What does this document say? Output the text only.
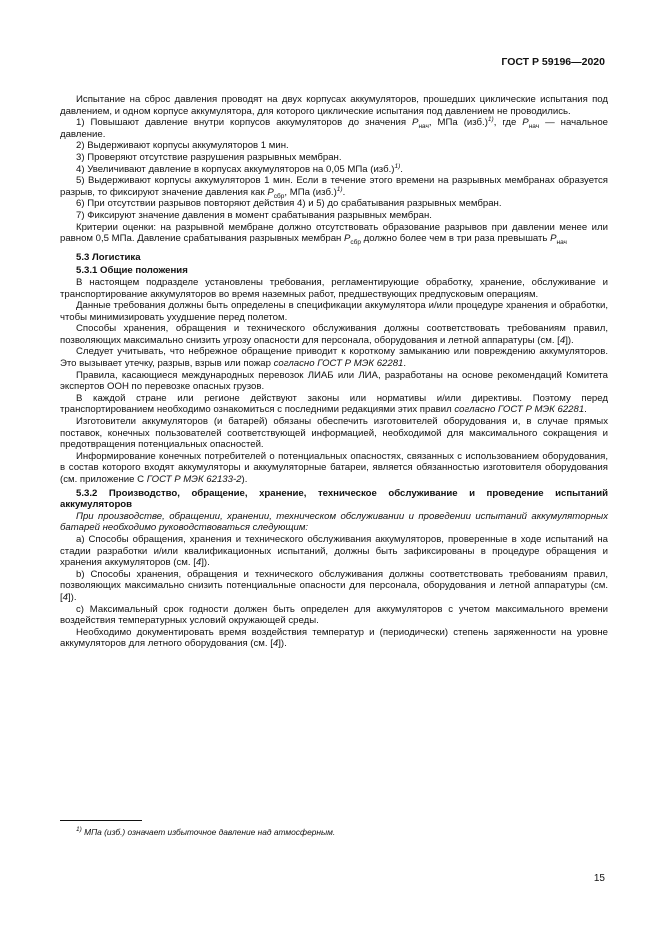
ГОСТ Р 59196—2020

Испытание на сброс давления проводят на двух корпусах аккумуляторов, прошедших циклические испытания под давлением, и одном корпусе аккумулятора, для которого циклические испытания под давлением не проводились.

1) Повышают давление внутри корпусов аккумуляторов до значения $P_{нач}$, МПа $(изб.)^{1)}$, где $P_{нач}$ — начальное давление.

2) Выдерживают корпусы аккумуляторов 1 мин.

3) Проверяют отсутствие разрушения разрывных мембран.

4) Увеличивают давление в корпусах аккумуляторов на 0,05 МПа $(изб.)^{1)}$.

5) Выдерживают корпусы аккумуляторов 1 мин. Если в течение этого времени на разрывных мембранах образуется разрыв, то фиксируют значение давления как $P_{сбр}$, МПа $(изб.)^{1)}$.

6) При отсутствии разрывов повторяют действия 4) и 5) до срабатывания разрывных мембран.

7) Фиксируют значение давления в момент срабатывания разрывных мембран.

Критерии оценки: на разрывной мембране должно отсутствовать образование разрывов при давлении менее или равном 0,5 МПа. Давление срабатывания разрывных мембран $P_{сбр}$ должно более чем в три раза превышать $P_{нач}$

5.3 Логистика
5.3.1 Общие положения

В настоящем подразделе установлены требования, регламентирующие обработку, хранение, обслуживание и транспортирование аккумуляторов во время наземных работ, предшествующих предпусковым операциям.

Данные требования должны быть определены в спецификации аккумулятора и/или процедуре хранения и обработки, чтобы минимизировать ухудшение перед полетом.

Способы хранения, обращения и технического обслуживания должны соответствовать требованиям правил, позволяющих максимально снизить угрозу опасности для персонала, оборудования и летной аппаратуры (см. [4]).

Следует учитывать, что небрежное обращение приводит к короткому замыканию или повреждению аккумуляторов. Это вызывает утечку, разрыв, взрыв или пожар согласно ГОСТ Р МЭК 62281.

Правила, касающиеся международных перевозок ЛИАБ или ЛИА, разработаны на основе рекомендаций Комитета экспертов ООН по перевозке опасных грузов.

В каждой стране или регионе действуют законы или нормативы и/или директивы. Поэтому перед транспортированием необходимо ознакомиться с последними редакциями этих правил согласно ГОСТ Р МЭК 62281.

Изготовители аккумуляторов (и батарей) обязаны обеспечить изготовителей оборудования и, в случае прямых поставок, конечных пользователей соответствующей информацией, необходимой для максимального сокращения и предотвращения потенциальных опасностей.

Информирование конечных потребителей о потенциальных опасностях, связанных с использованием оборудования, в состав которого входят аккумуляторы и аккумуляторные батареи, является обязанностью изготовителя оборудования (см. приложение С ГОСТ Р МЭК 62133-2).

5.3.2 Производство, обращение, хранение, техническое обслуживание и проведение испытаний аккумуляторов

При производстве, обращении, хранении, техническом обслуживании и проведении испытаний аккумуляторных батарей необходимо руководствоваться следующим:

a) Способы обращения, хранения и технического обслуживания аккумуляторов, проверенные в ходе испытаний на стадии разработки и/или квалификационных испытаний, должны быть зафиксированы в процедуре обращения и хранения аккумуляторов (см. [4]).

b) Способы хранения, обращения и технического обслуживания должны соответствовать требованиям правил, позволяющих максимально снизить потенциальные опасности для персонала, оборудования и летной аппаратуры (см. [4]).

c) Максимальный срок годности должен быть определен для аккумуляторов с учетом максимального времени воздействия температурных условий окружающей среды.

Необходимо документировать время воздействия температур и (периодически) степень заряженности на уровне аккумуляторов для летного оборудования (см. [4]).

$^{1)}$ МПа (изб.) означает избыточное давление над атмосферным.
15
